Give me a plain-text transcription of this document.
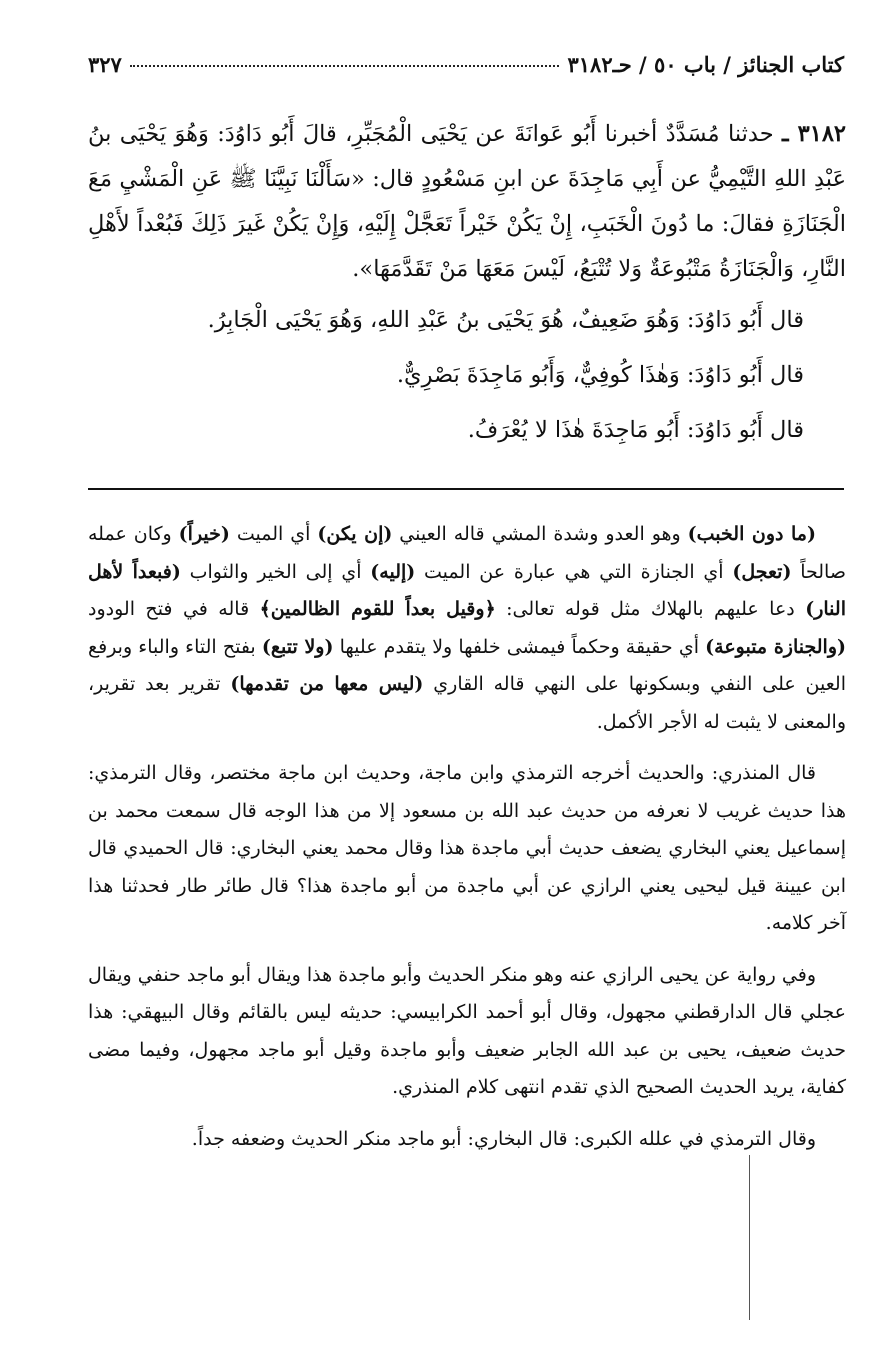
كتاب الجنائز / باب ٥٠ / حـ٣١٨٢
٣٢٧

٣١٨٢ ـ حدثنا مُسَدَّدٌ أخبرنا أَبُو عَوانَةَ عن يَحْيَى الْمُجَبِّرِ، قالَ أَبُو دَاوُدَ: وَهُوَ يَحْيَى بنُ عَبْدِ اللهِ التَّيْمِيُّ عن أَبِي مَاجِدَةَ عن ابنِ مَسْعُودٍ قال: «سَأَلْنَا نَبِيَّنَا ﷺ عَنِ الْمَشْيِ مَعَ الْجَنَازَةِ فقالَ: ما دُونَ الْخَبَبِ، إِنْ يَكُنْ خَيْراً تَعَجَّلْ إِلَيْهِ، وَإِنْ يَكُنْ غَيرَ ذَلِكَ فَبُعْداً لأَهْلِ النَّارِ، وَالْجَنَازَةُ مَتْبُوعَةٌ وَلا تُتْبَعُ، لَيْسَ مَعَهَا مَنْ تَقَدَّمَهَا».

قال أَبُو دَاوُدَ: وَهُوَ ضَعِيفٌ، هُوَ يَحْيَى بنُ عَبْدِ اللهِ، وَهُوَ يَحْيَى الْجَابِرُ.

قال أَبُو دَاوُدَ: وَهٰذَا كُوفِيٌّ، وَأَبُو مَاجِدَةَ بَصْرِيٌّ.

قال أَبُو دَاوُدَ: أَبُو مَاجِدَةَ هٰذَا لا يُعْرَفُ.

(ما دون الخبب) وهو العدو وشدة المشي قاله العيني (إن يكن) أي الميت (خيراً) وكان عمله صالحاً (تعجل) أي الجنازة التي هي عبارة عن الميت (إليه) أي إلى الخير والثواب (فبعداً لأهل النار) دعا عليهم بالهلاك مثل قوله تعالى: ﴿وقيل بعداً للقوم الظالمين﴾ قاله في فتح الودود (والجنازة متبوعة) أي حقيقة وحكماً فيمشى خلفها ولا يتقدم عليها (ولا تتبع) بفتح التاء والباء وبرفع العين على النفي وبسكونها على النهي قاله القاري (ليس معها من تقدمها) تقرير بعد تقرير، والمعنى لا يثبت له الأجر الأكمل.

قال المنذري: والحديث أخرجه الترمذي وابن ماجة، وحديث ابن ماجة مختصر، وقال الترمذي: هذا حديث غريب لا نعرفه من حديث عبد الله بن مسعود إلا من هذا الوجه قال سمعت محمد بن إسماعيل يعني البخاري يضعف حديث أبي ماجدة هذا وقال محمد يعني البخاري: قال الحميدي قال ابن عيينة قيل ليحيى يعني الرازي عن أبي ماجدة من أبو ماجدة هذا؟ قال طائر طار فحدثنا هذا آخر كلامه.

وفي رواية عن يحيى الرازي عنه وهو منكر الحديث وأبو ماجدة هذا ويقال أبو ماجد حنفي ويقال عجلي قال الدارقطني مجهول، وقال أبو أحمد الكرابيسي: حديثه ليس بالقائم وقال البيهقي: هذا حديث ضعيف، يحيى بن عبد الله الجابر ضعيف وأبو ماجدة وقيل أبو ماجد مجهول، وفيما مضى كفاية، يريد الحديث الصحيح الذي تقدم انتهى كلام المنذري.

وقال الترمذي في علله الكبرى: قال البخاري: أبو ماجد منكر الحديث وضعفه جداً.
